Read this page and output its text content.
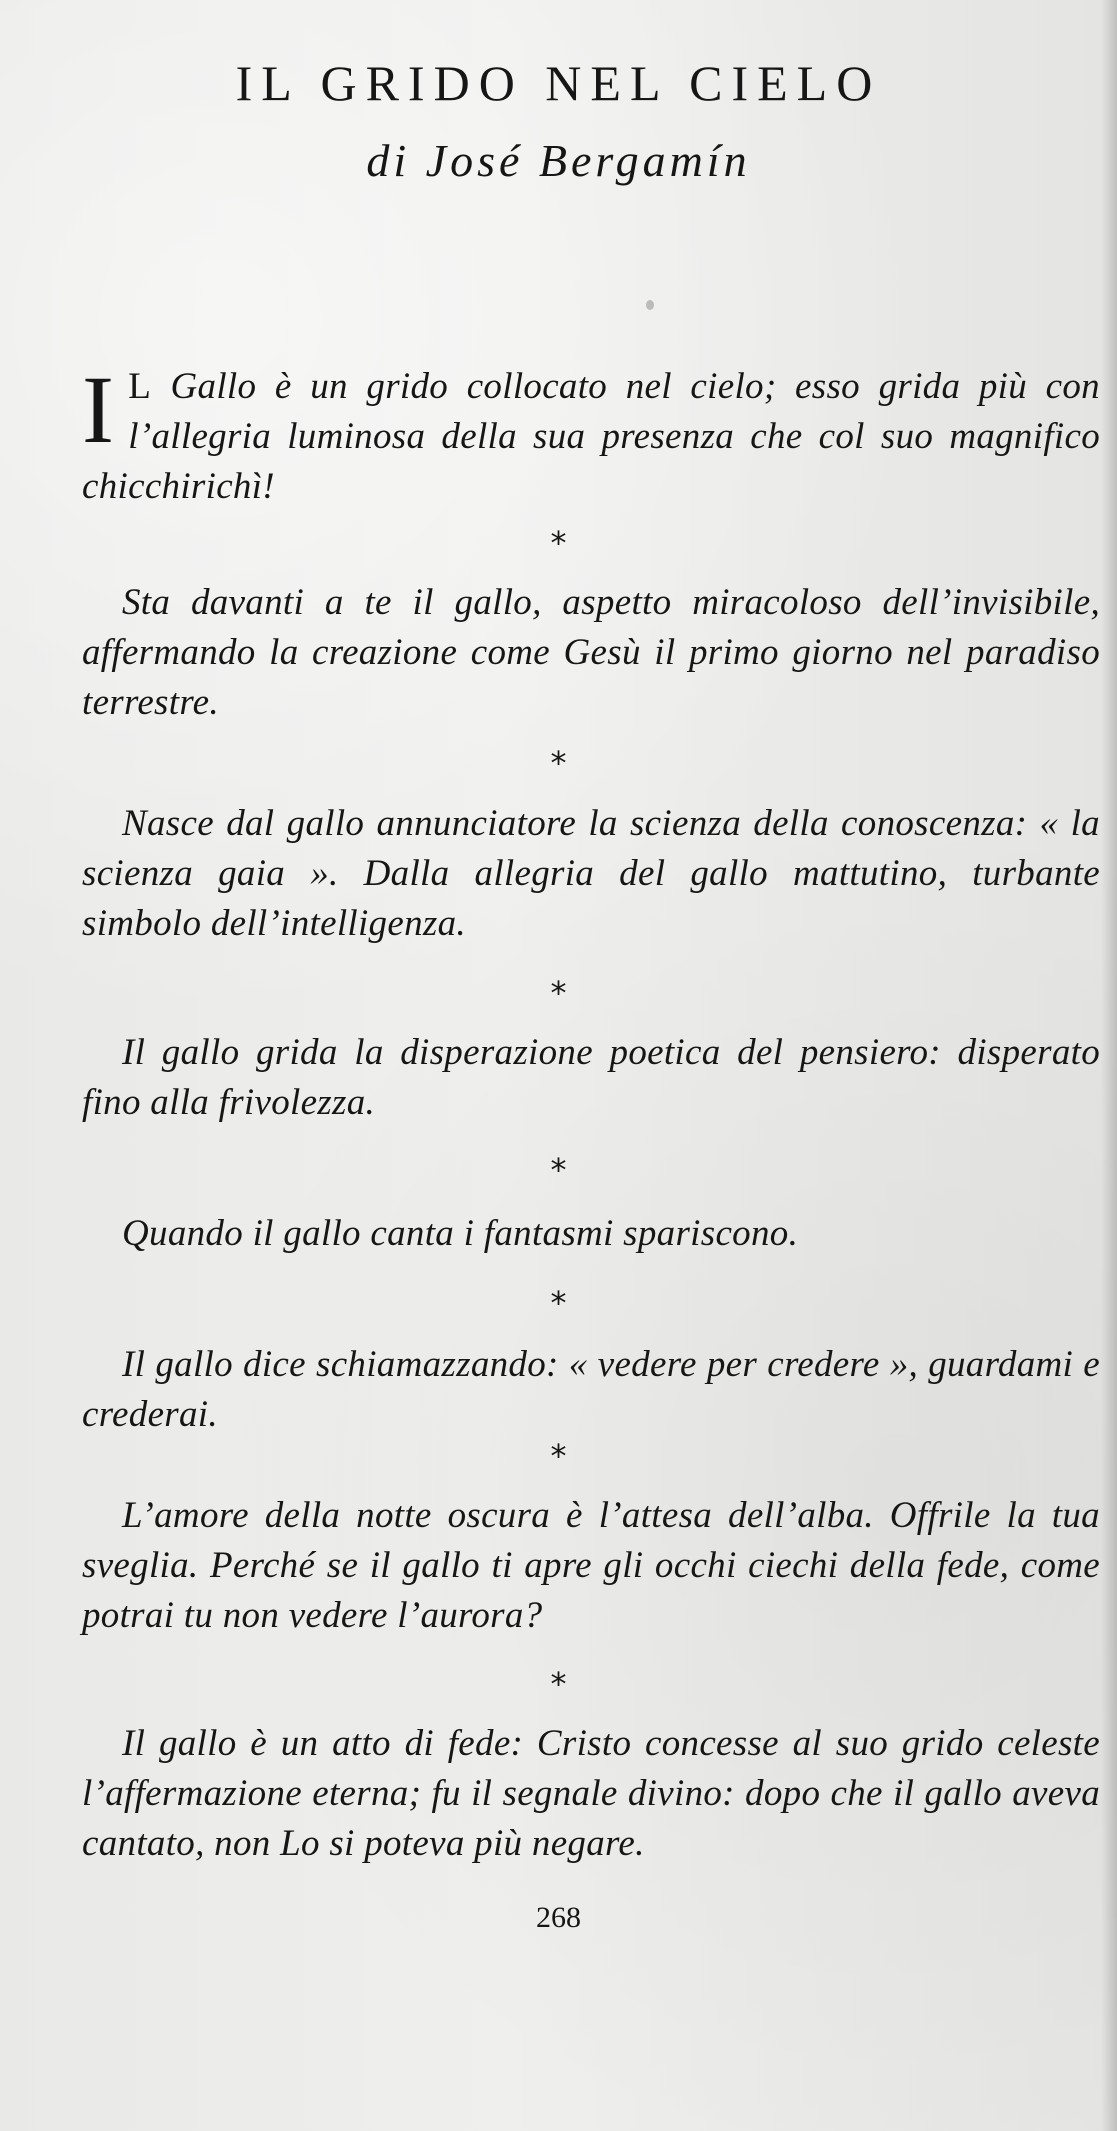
IL GRIDO NEL CIELO
di José Bergamín
I L Gallo è un grido collocato nel cielo; esso grida più con l’allegria luminosa della sua presenza che col suo magnifico chicchirichì!
*
Sta davanti a te il gallo, aspetto miracoloso dell’invisibile, affermando la creazione come Gesù il primo giorno nel paradiso terrestre.
*
Nasce dal gallo annunciatore la scienza della conoscenza: « la scienza gaia ». Dalla allegria del gallo mattutino, turbante simbolo dell’intelligenza.
*
Il gallo grida la disperazione poetica del pensiero: disperato fino alla frivolezza.
*
Quando il gallo canta i fantasmi spariscono.
*
Il gallo dice schiamazzando: « vedere per credere », guardami e crederai.
*
L’amore della notte oscura è l’attesa dell’alba. Offrile la tua sveglia. Perché se il gallo ti apre gli occhi ciechi della fede, come potrai tu non vedere l’aurora?
*
Il gallo è un atto di fede: Cristo concesse al suo grido celeste l’affermazione eterna; fu il segnale divino: dopo che il gallo aveva cantato, non Lo si poteva più negare.
268
